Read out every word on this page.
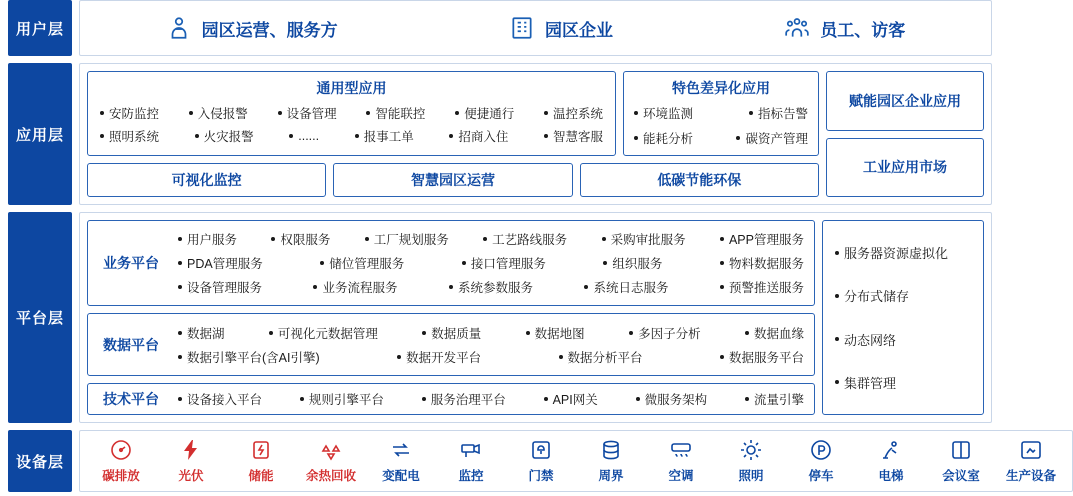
用户层	园区运营、服务方	园区企业	员工、访客
应用层
通用型应用
安防监控	入侵报警	设备管理	智能联控	便捷通行	温控系统
照明系统	火灾报警	......	报事工单	招商入住	智慧客服
特色差异化应用
环境监测	指标告警
能耗分析	碳资产管理
可视化监控	智慧园区运营	低碳节能环保
赋能园区企业应用
工业应用市场
平台层
业务平台
用户服务	权限服务	工厂规划服务	工艺路线服务	采购审批服务	APP管理服务
PDA管理服务	储位管理服务	接口管理服务	组织服务	物料数据服务
设备管理服务	业务流程服务	系统参数服务	系统日志服务	预警推送服务
数据平台
数据湖	可视化元数据管理	数据质量	数据地图	多因子分析	数据血缘
数据引擎平台(含AI引擎)	数据开发平台	数据分析平台	数据服务平台
技术平台	设备接入平台	规则引擎平台	服务治理平台	API网关	微服务架构	流量引擎
服务器资源虚拟化
分布式储存
动态网络
集群管理
设备层
碳排放	光伏	储能	余热回收 变配电	监控	门禁	周界	空调	照明	停车	电梯	会议室 生产设备
